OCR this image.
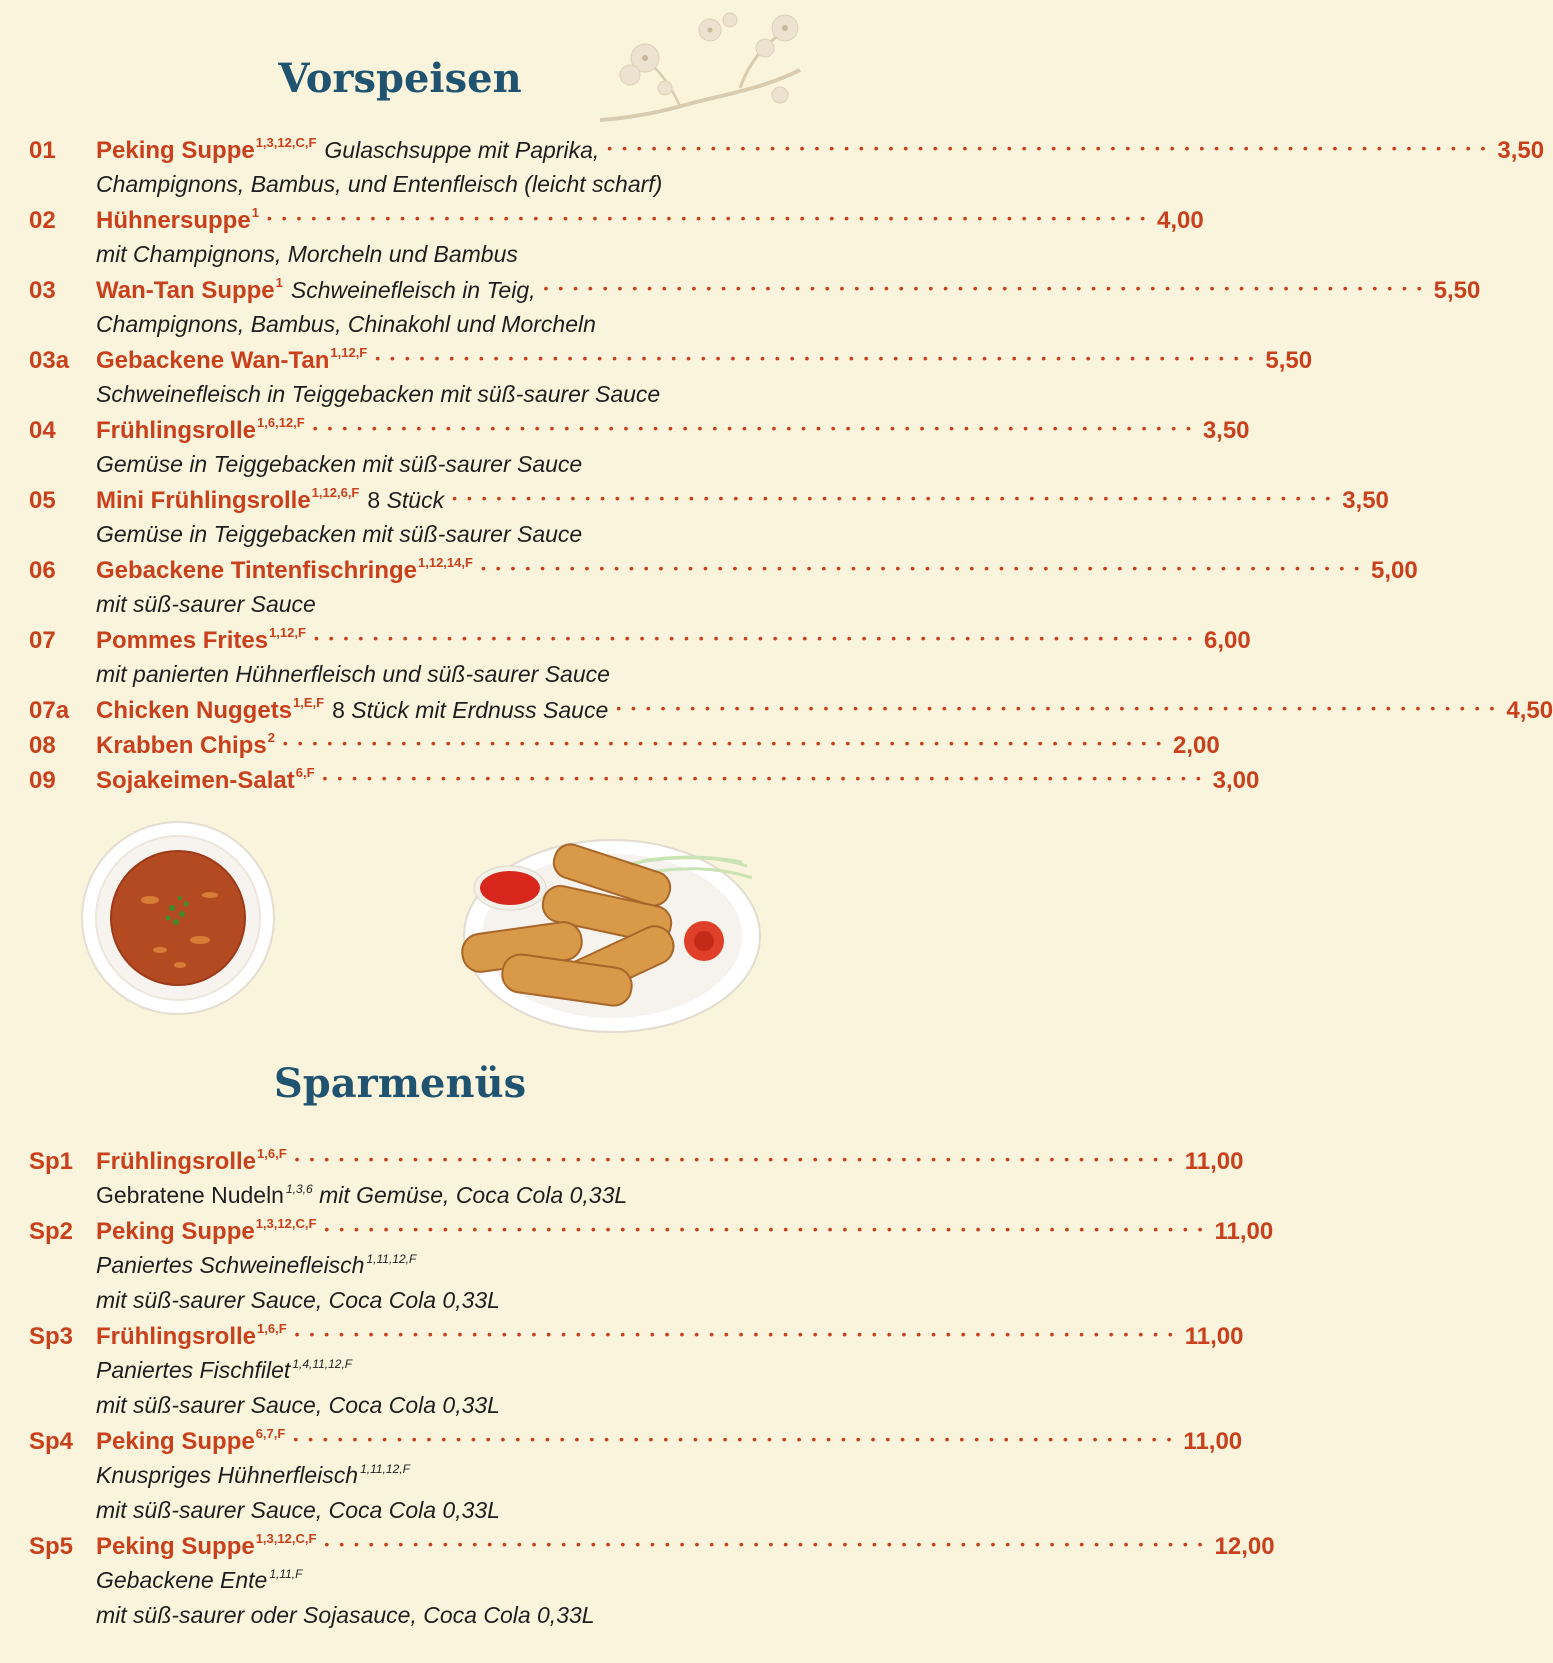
Vorspeisen
01 Peking Suppe$^{1,3,12,C,F}$ Gulaschsuppe mit Paprika, •••••••••••••••••••••••••••••••••••••••••••••••••••••••••••• 3,50
Champignons, Bambus, und Entenfleisch (leicht scharf)
02 Hühnersuppe$^1$ •••••••••••••••••••••••••••••••••••••••••••••••••••••••••••• 4,00
mit Champignons, Morcheln und Bambus
03 Wan-Tan Suppe$^1$ Schweinefleisch in Teig, •••••••••••••••••••••••••••••••••••••••••••••••••••••••••••• 5,50
Champignons, Bambus, Chinakohl und Morcheln
03a Gebackene Wan-Tan$^{1,12,F}$ •••••••••••••••••••••••••••••••••••••••••••••••••••••••••••• 5,50
Schweinefleisch in Teiggebacken mit süß-saurer Sauce
04 Frühlingsrolle$^{1,6,12,F}$ •••••••••••••••••••••••••••••••••••••••••••••••••••••••••••• 3,50
Gemüse in Teiggebacken mit süß-saurer Sauce
05 Mini Frühlingsrolle$^{1,12,6,F}$ 8 Stück •••••••••••••••••••••••••••••••••••••••••••••••••••••••••••• 3,50
Gemüse in Teiggebacken mit süß-saurer Sauce
06 Gebackene Tintenfischringe$^{1,12,14,F}$ •••••••••••••••••••••••••••••••••••••••••••••••••••••••••••• 5,00
mit süß-saurer Sauce
07 Pommes Frites$^{1,12,F}$ •••••••••••••••••••••••••••••••••••••••••••••••••••••••••••• 6,00
mit panierten Hühnerfleisch und süß-saurer Sauce
07a Chicken Nuggets$^{1,E,F}$ 8 Stück mit Erdnuss Sauce •••••••••••••••••••••••••••••••••••••••••••••••••••••••••••• 4,50
08 Krabben Chips$^2$ •••••••••••••••••••••••••••••••••••••••••••••••••••••••••••• 2,00
09 Sojakeimen-Salat$^{6,F}$ •••••••••••••••••••••••••••••••••••••••••••••••••••••••••••• 3,00
Sparmenüs
Sp1 Frühlingsrolle$^{1,6,F}$ •••••••••••••••••••••••••••••••••••••••••••••••••••••••••••• 11,00
Gebratene Nudeln $^{1,3,6}$ mit Gemüse, Coca Cola 0,33L
Sp2 Peking Suppe$^{1,3,12,C,F}$ •••••••••••••••••••••••••••••••••••••••••••••••••••••••••••• 11,00
Paniertes Schweinefleisch $^{1,11,12,F}$
mit süß-saurer Sauce, Coca Cola 0,33L
Sp3 Frühlingsrolle$^{1,6,F}$ •••••••••••••••••••••••••••••••••••••••••••••••••••••••••••• 11,00
Paniertes Fischfilet $^{1,4,11,12,F}$
mit süß-saurer Sauce, Coca Cola 0,33L
Sp4 Peking Suppe$^{6,7,F}$ •••••••••••••••••••••••••••••••••••••••••••••••••••••••••••• 11,00
Knuspriges Hühnerfleisch $^{1,11,12,F}$
mit süß-saurer Sauce, Coca Cola 0,33L
Sp5 Peking Suppe$^{1,3,12,C,F}$ •••••••••••••••••••••••••••••••••••••••••••••••••••••••••••• 12,00
Gebackene Ente $^{1,11,F}$
mit süß-saurer oder Sojasauce, Coca Cola 0,33L
